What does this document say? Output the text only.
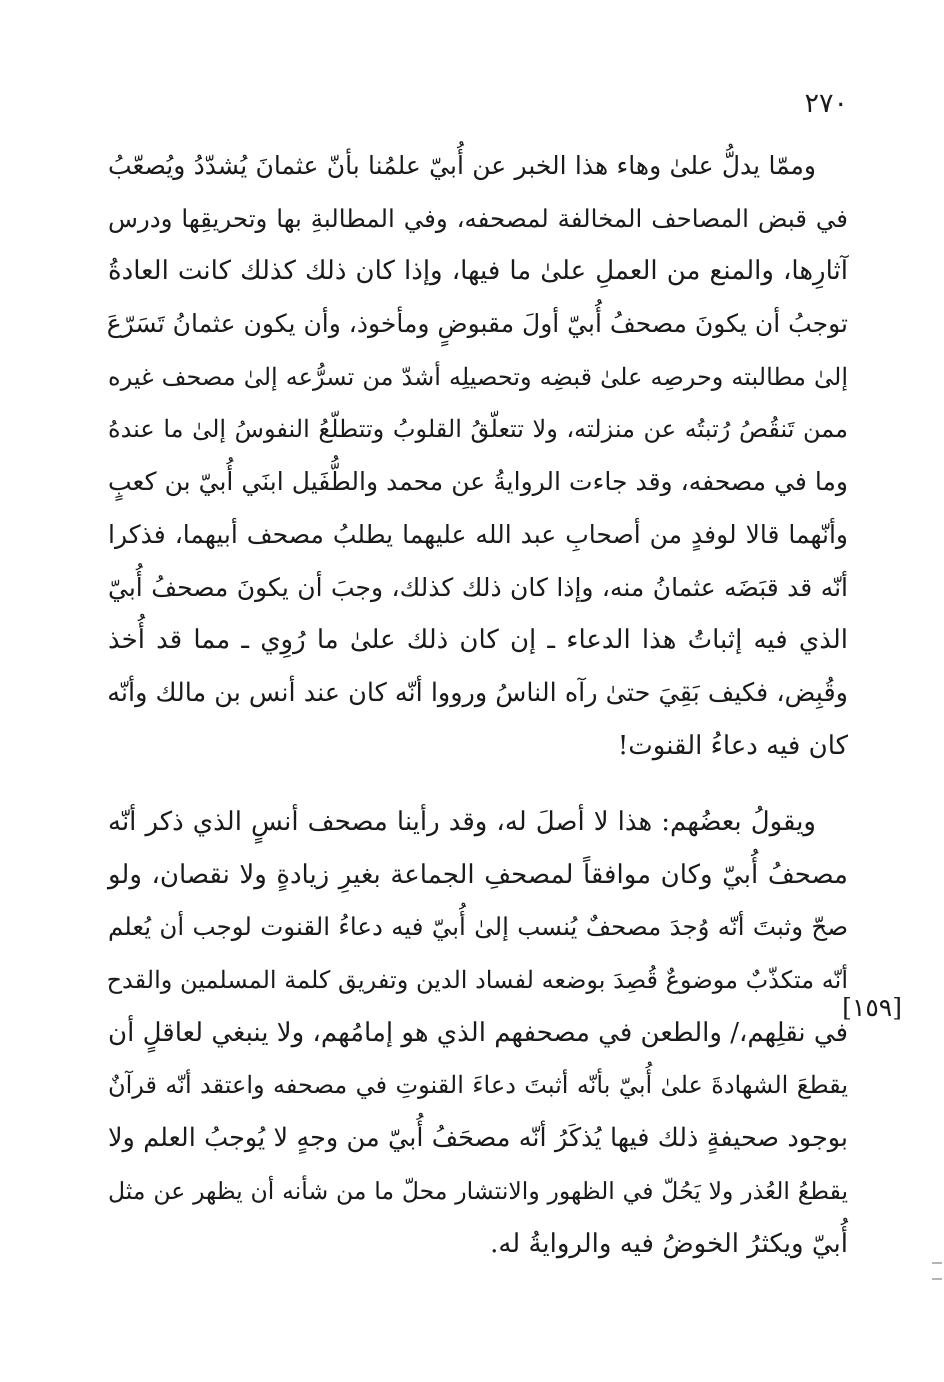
٢٧٠
وممّا يدلُّ علىٰ وهاء هذا الخبر عن أُبيّ علمُنا بأنّ عثمانَ يُشدّدُ ويُصعّبُ
في قبض المصاحف المخالفة لمصحفه، وفي المطالبةِ بها وتحريقِها ودرس
آثارِها، والمنع من العملِ علىٰ ما فيها، وإذا كان ذلك كذلك كانت العادةُ
توجبُ أن يكونَ مصحفُ أُبيّ أولَ مقبوضٍ ومأخوذ، وأن يكون عثمانُ تَسَرّعَ
إلىٰ مطالبته وحرصِه علىٰ قبضِه وتحصيلِه أشدّ من تسرُّعه إلىٰ مصحف غيره
ممن تَنقُصُ رُتبتُه عن منزلته، ولا تتعلّقُ القلوبُ وتتطلّعُ النفوسُ إلىٰ ما عندهُ
وما في مصحفه، وقد جاءت الروايةُ عن محمد والطُّفَيل ابنَي أُبيّ بن كعبٍ
وأنّهما قالا لوفدٍ من أصحابِ عبد الله عليهما يطلبُ مصحف أبيهما، فذكرا
أنّه قد قبَضَه عثمانُ منه، وإذا كان ذلك كذلك، وجبَ أن يكونَ مصحفُ أُبيّ
الذي فيه إثباتُ هذا الدعاء ـ إن كان ذلك علىٰ ما رُوِي ـ مما قد أُخذ
وقُبِض، فكيف بَقِيَ حتىٰ رآه الناسُ ورووا أنّه كان عند أنس بن مالك وأنّه
كان فيه دعاءُ القنوت!
ويقولُ بعضُهم: هذا لا أصلَ له، وقد رأينا مصحف أنسٍ الذي ذكر أنّه
مصحفُ أُبيّ وكان موافقاً لمصحفِ الجماعة بغيرِ زيادةٍ ولا نقصان، ولو
صحّ وثبتَ أنّه وُجدَ مصحفٌ يُنسب إلىٰ أُبيّ فيه دعاءُ القنوت لوجب أن يُعلم
أنّه متكذّبٌ موضوعٌ قُصِدَ بوضعه لفساد الدين وتفريق كلمة المسلمين والقدح
في نقلِهم،/ والطعن في مصحفهم الذي هو إمامُهم، ولا ينبغي لعاقلٍ أن
يقطعَ الشهادةَ علىٰ أُبيّ بأنّه أثبتَ دعاءَ القنوتِ في مصحفه واعتقد أنّه قرآنٌ
بوجود صحيفةٍ ذلك فيها يُذكَرُ أنّه مصحَفُ أُبيّ من وجهٍ لا يُوجبُ العلم ولا
يقطعُ العُذر ولا يَحُلّ في الظهور والانتشار محلّ ما من شأنه أن يظهر عن مثل
أُبيّ ويكثرُ الخوضُ فيه والروايةُ له.
[١٥٩]
